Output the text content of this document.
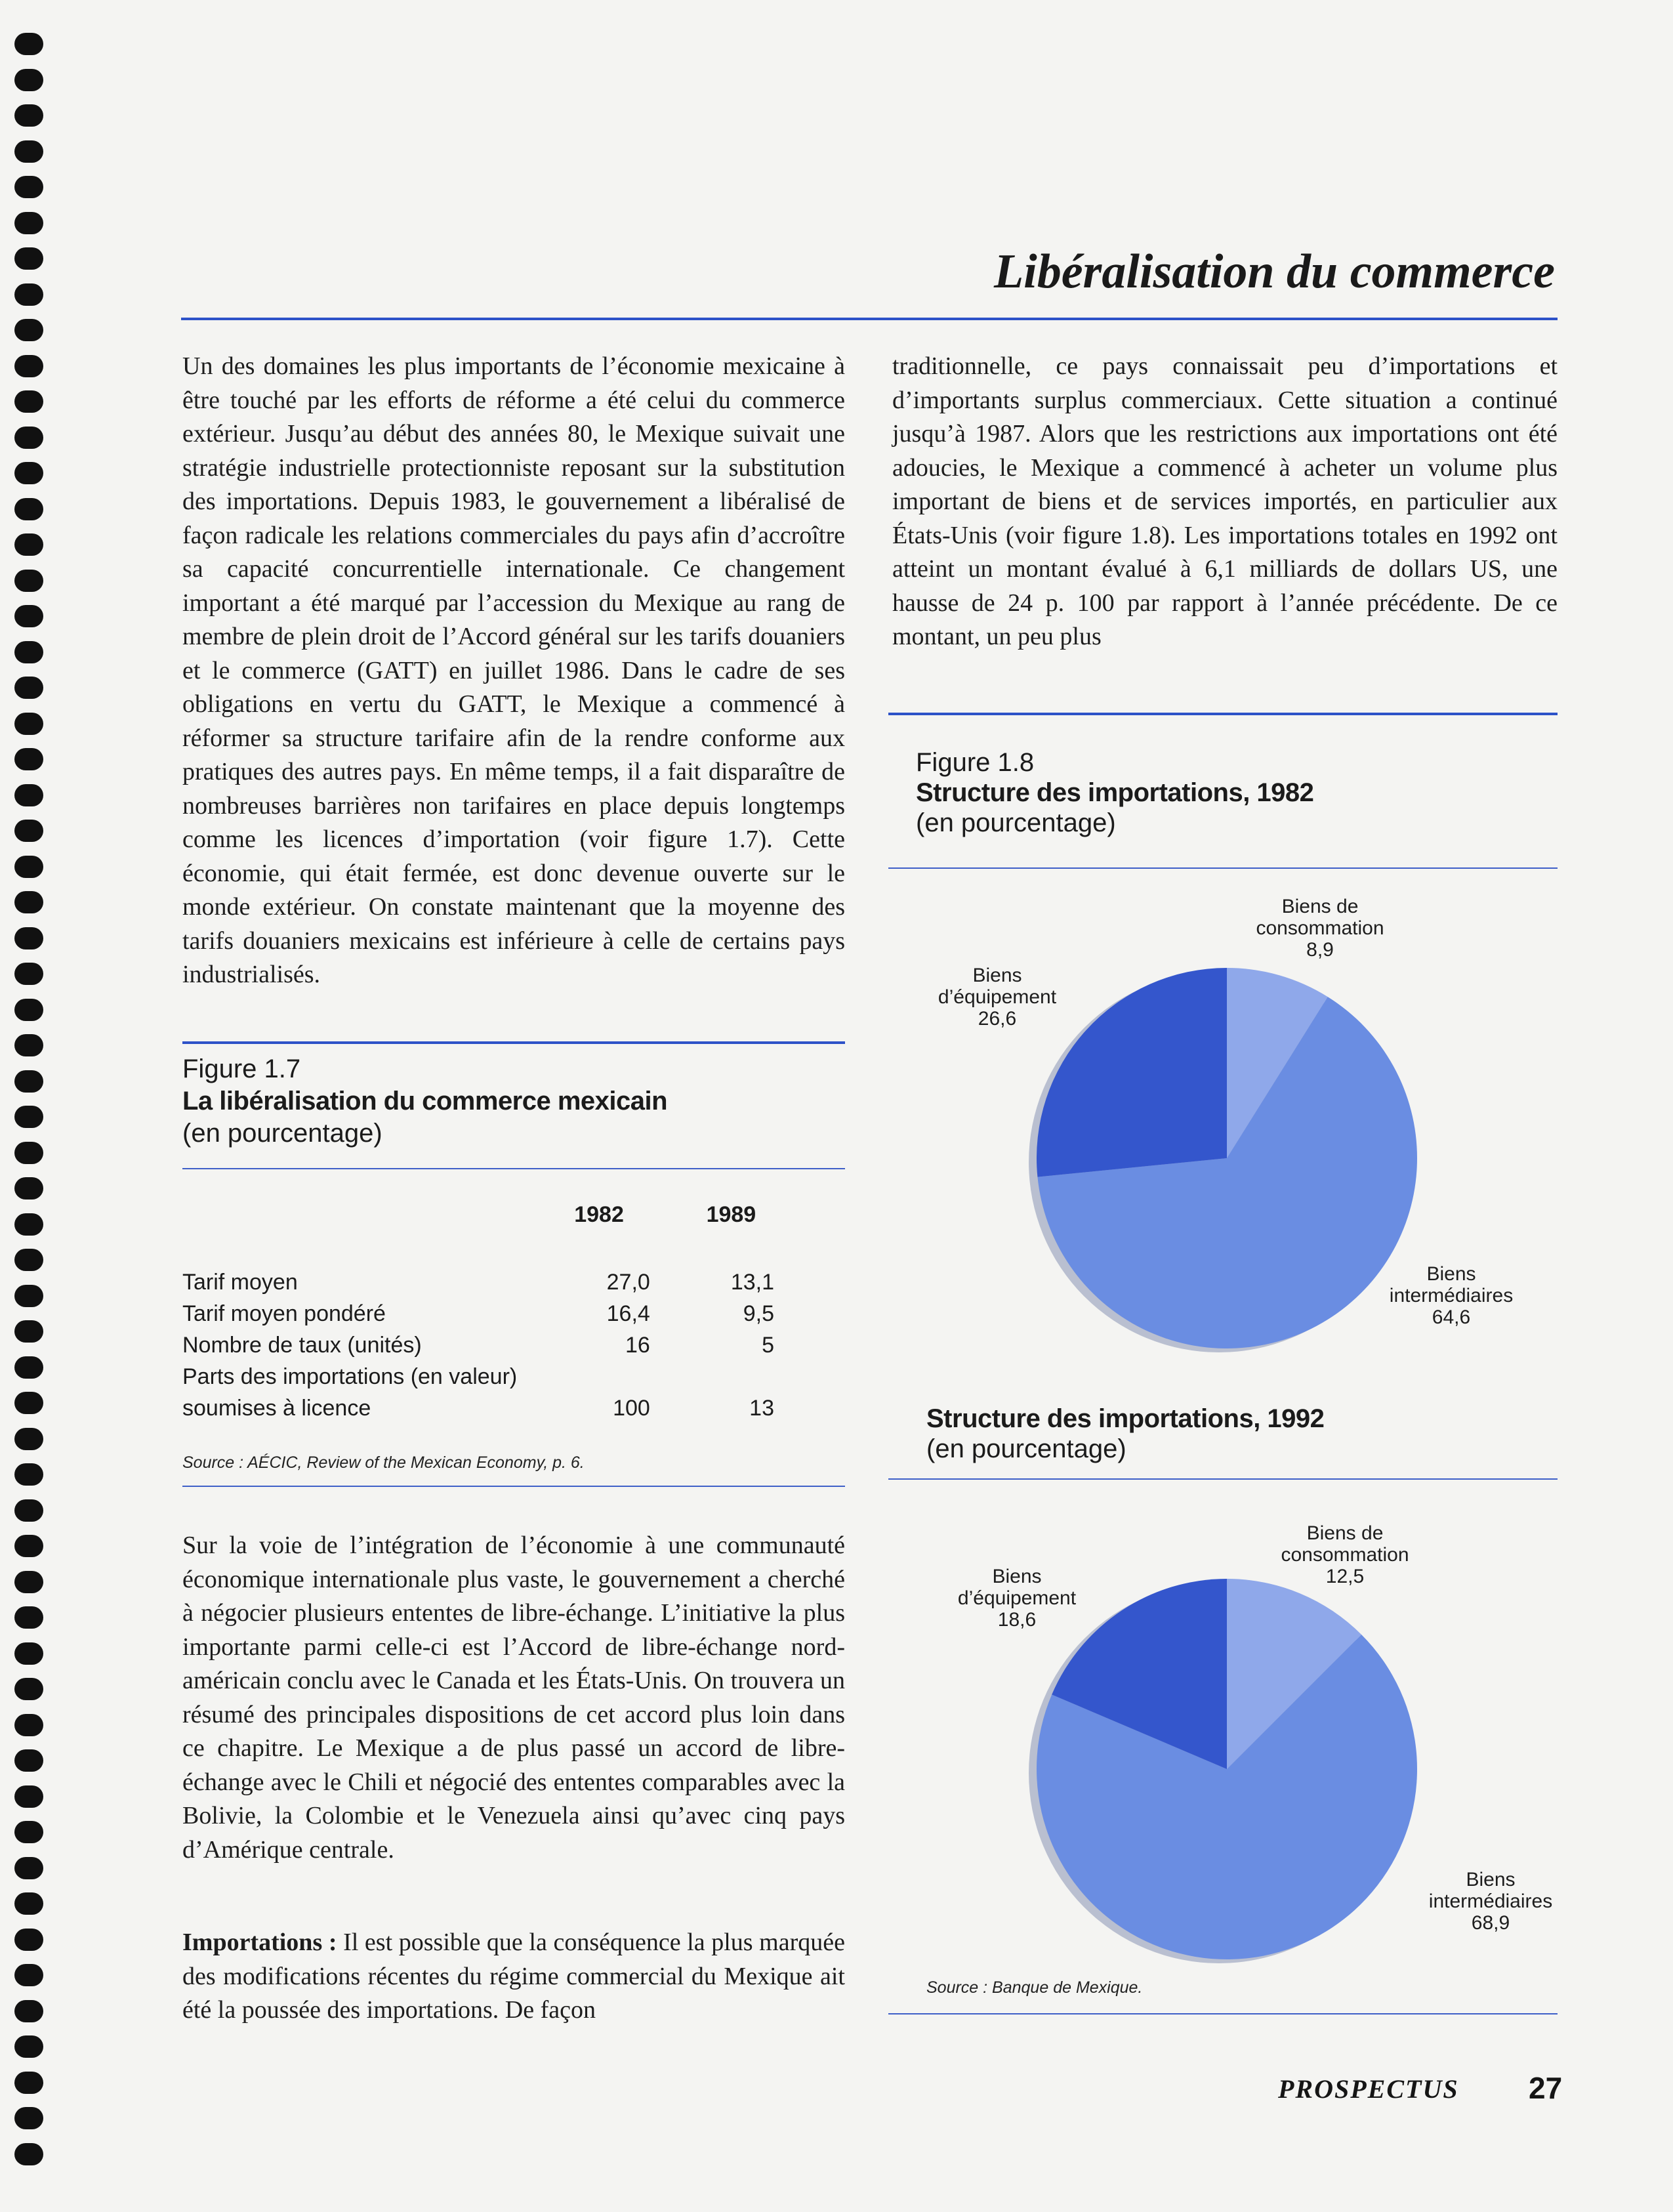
Libéralisation du commerce
Un des domaines les plus importants de l’économie mexicaine à être touché par les efforts de réforme a été celui du commerce extérieur. Jusqu’au début des années 80, le Mexique suivait une stratégie industrielle protectionniste reposant sur la substitution des importations. Depuis 1983, le gouvernement a libéralisé de façon radicale les relations commerciales du pays afin d’accroître sa capacité concurrentielle internationale. Ce changement important a été marqué par l’accession du Mexique au rang de membre de plein droit de l’Accord général sur les tarifs douaniers et le commerce (GATT) en juillet 1986. Dans le cadre de ses obligations en vertu du GATT, le Mexique a commencé à réformer sa structure tarifaire afin de la rendre conforme aux pratiques des autres pays. En même temps, il a fait disparaître de nombreuses barrières non tarifaires en place depuis longtemps comme les licences d’importation (voir figure 1.7). Cette économie, qui était fermée, est donc devenue ouverte sur le monde extérieur. On constate maintenant que la moyenne des tarifs douaniers mexicains est inférieure à celle de certains pays industrialisés.
Figure 1.7
La libéralisation du commerce mexicain
(en pourcentage)
	1982	1989

Tarif moyen	27,0	13,1
Tarif moyen pondéré	16,4	9,5
Nombre de taux (unités)	16	5
Parts des importations (en valeur)		
soumises à licence	100	13
Source : AÉCIC, Review of the Mexican Economy, p. 6.
Sur la voie de l’intégration de l’économie à une communauté économique internationale plus vaste, le gouvernement a cherché à négocier plusieurs ententes de libre-échange. L’initiative la plus importante parmi celle-ci est l’Accord de libre-échange nord-américain conclu avec le Canada et les États-Unis. On trouvera un résumé des principales dispositions de cet accord plus loin dans ce chapitre. Le Mexique a de plus passé un accord de libre-échange avec le Chili et négocié des ententes comparables avec la Bolivie, la Colombie et le Venezuela ainsi qu’avec cinq pays d’Amérique centrale.
Importations : Il est possible que la conséquence la plus marquée des modifications récentes du régime commercial du Mexique ait été la poussée des importations. De façon
traditionnelle, ce pays connaissait peu d’importations et d’importants surplus commerciaux. Cette situation a continué jusqu’à 1987. Alors que les restrictions aux importations ont été adoucies, le Mexique a commencé à acheter un volume plus important de biens et de services importés, en particulier aux États-Unis (voir figure 1.8). Les importations totales en 1992 ont atteint un montant évalué à 6,1 milliards de dollars US, une hausse de 24 p. 100 par rapport à l’année précédente. De ce montant, un peu plus
Figure 1.8
Structure des importations, 1982
(en pourcentage)
Biens de
consommation
8,9
Biens
d’équipement
26,6
Biens
intermédiaires
64,6
Structure des importations, 1992
(en pourcentage)
Biens de
consommation
12,5
Biens
d’équipement
18,6
Biens
intermédiaires
68,9
Source : Banque de Mexique.
PROSPECTUS 27
